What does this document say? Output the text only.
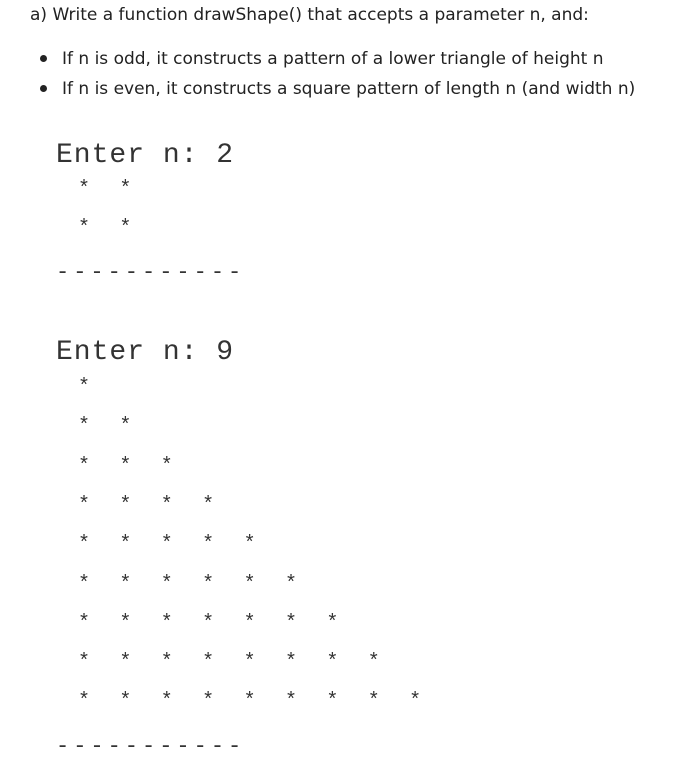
a) Write a function drawShape() that accepts a parameter n, and:
If n is odd, it constructs a pattern of a lower triangle of height n
If n is even, it constructs a square pattern of length n (and width n)
Enter n: 2
* *
* *
-----------
Enter n: 9
*
* *
* * *
* * * *
* * * * *
* * * * * *
* * * * * * *
* * * * * * * *
* * * * * * * * *
-----------
